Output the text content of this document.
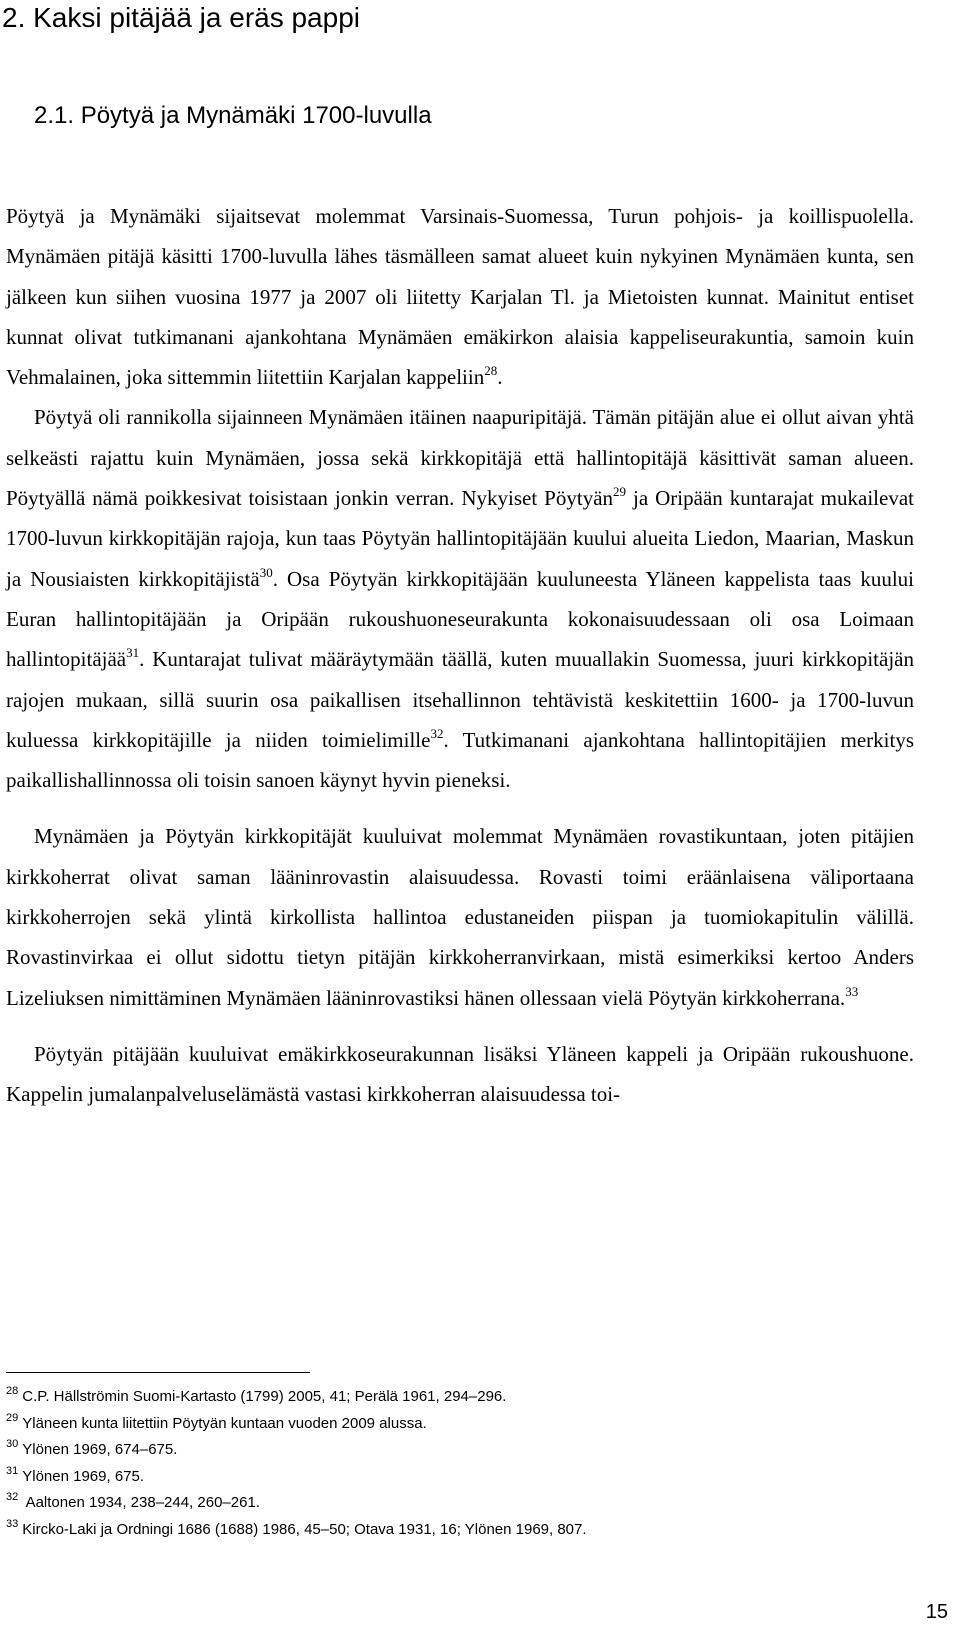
2. Kaksi pitäjää ja eräs pappi
2.1. Pöytyä ja Mynämäki 1700-luvulla

Pöytyä ja Mynämäki sijaitsevat molemmat Varsinais-Suomessa, Turun pohjois- ja koillispuolella. Mynämäen pitäjä käsitti 1700-luvulla lähes täsmälleen samat alueet kuin nykyinen Mynämäen kunta, sen jälkeen kun siihen vuosina 1977 ja 2007 oli liitetty Karjalan Tl. ja Mietoisten kunnat. Mainitut entiset kunnat olivat tutkimanani ajankohtana Mynämäen emäkirkon alaisia kappeliseurakuntia, samoin kuin Vehmalainen, joka sittemmin liitettiin Karjalan kappeliin$^{28}$.

Pöytyä oli rannikolla sijainneen Mynämäen itäinen naapuripitäjä. Tämän pitäjän alue ei ollut aivan yhtä selkeästi rajattu kuin Mynämäen, jossa sekä kirkkopitäjä että hallintopitäjä käsittivät saman alueen. Pöytyällä nämä poikkesivat toisistaan jonkin verran. Nykyiset Pöytyän$^{29}$ ja Oripään kuntarajat mukailevat 1700-luvun kirkkopitäjän rajoja, kun taas Pöytyän hallintopitäjään kuului alueita Liedon, Maarian, Maskun ja Nousiaisten kirkkopitäjistä$^{30}$. Osa Pöytyän kirkkopitäjään kuuluneesta Yläneen kappelista taas kuului Euran hallintopitäjään ja Oripään rukoushuoneseurakunta kokonaisuudessaan oli osa Loimaan hallintopitäjää$^{31}$. Kuntarajat tulivat määräytymään täällä, kuten muuallakin Suomessa, juuri kirkkopitäjän rajojen mukaan, sillä suurin osa paikallisen itsehallinnon tehtävistä keskitettiin 1600- ja 1700-luvun kuluessa kirkkopitäjille ja niiden toimielimille$^{32}$. Tutkimanani ajankohtana hallintopitäjien merkitys paikallishallinnossa oli toisin sanoen käynyt hyvin pieneksi.

Mynämäen ja Pöytyän kirkkopitäjät kuuluivat molemmat Mynämäen rovastikuntaan, joten pitäjien kirkkoherrat olivat saman lääninrovastin alaisuudessa. Rovasti toimi eräänlaisena väliportaana kirkkoherrojen sekä ylintä kirkollista hallintoa edustaneiden piispan ja tuomiokapitulin välillä. Rovastinvirkaa ei ollut sidottu tietyn pitäjän kirkkoherranvirkaan, mistä esimerkiksi kertoo Anders Lizeliuksen nimittäminen Mynämäen lääninrovastiksi hänen ollessaan vielä Pöytyän kirkkoherrana.$^{33}$

Pöytyän pitäjään kuuluivat emäkirkkoseurakunnan lisäksi Yläneen kappeli ja Oripään rukoushuone. Kappelin jumalanpalveluselämästä vastasi kirkkoherran alaisuudessa toi-

$^{28}$ C.P. Hällströmin Suomi-Kartasto (1799) 2005, 41; Perälä 1961, 294–296.
$^{29}$ Yläneen kunta liitettiin Pöytyän kuntaan vuoden 2009 alussa.
$^{30}$ Ylönen 1969, 674–675.
$^{31}$ Ylönen 1969, 675.
$^{32}$ Aaltonen 1934, 238–244, 260–261.
$^{33}$ Kircko-Laki ja Ordningi 1686 (1688) 1986, 45–50; Otava 1931, 16; Ylönen 1969, 807.
15
